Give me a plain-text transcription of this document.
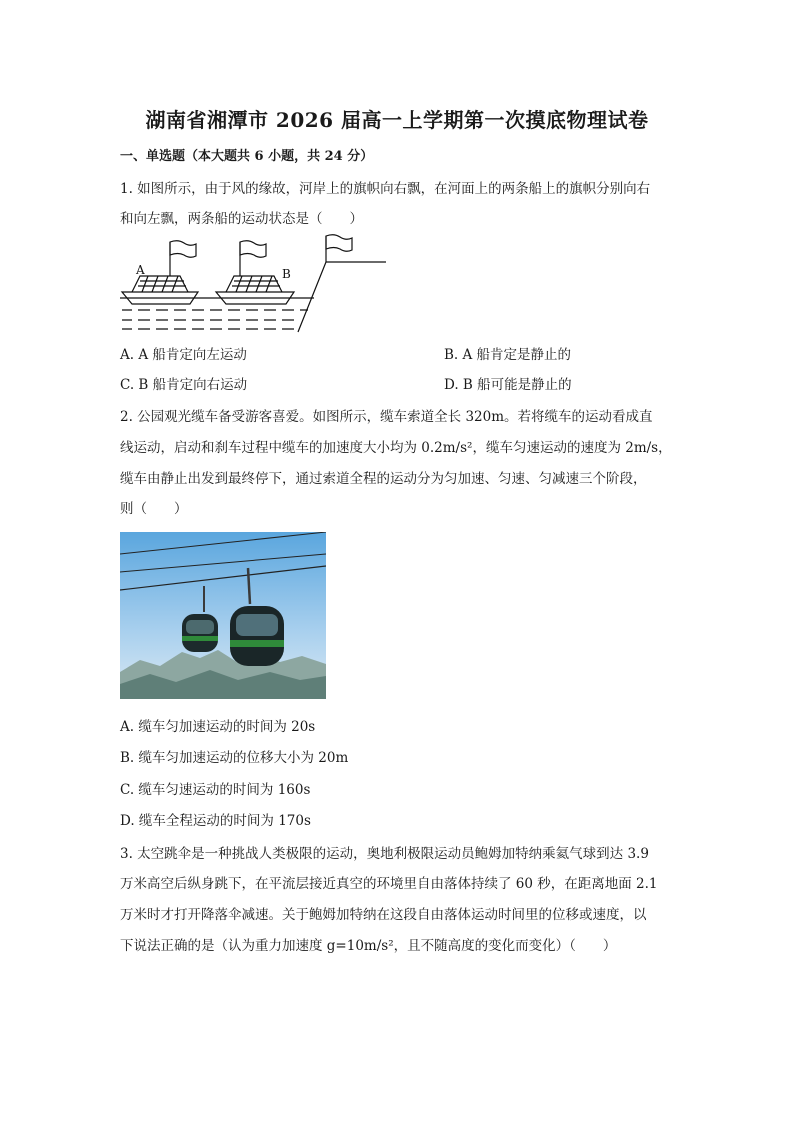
湖南省湘潭市 2026 届高一上学期第一次摸底物理试卷
一、单选题（本大题共 6 小题，共 24 分）
1. 如图所示，由于风的缘故，河岸上的旗帜向右飘，在河面上的两条船上的旗帜分别向右
和向左飘，两条船的运动状态是（　　）
A	B
A. A 船肯定向左运动	B. A 船肯定是静止的
C. B 船肯定向右运动	D. B 船可能是静止的
2. 公园观光缆车备受游客喜爱。如图所示，缆车索道全长 320m。若将缆车的运动看成直
线运动，启动和刹车过程中缆车的加速度大小均为 0.2m/s²，缆车匀速运动的速度为 2m/s，
缆车由静止出发到最终停下，通过索道全程的运动分为匀加速、匀速、匀减速三个阶段，
则（　　）
A. 缆车匀加速运动的时间为 20s
B. 缆车匀加速运动的位移大小为 20m
C. 缆车匀速运动的时间为 160s
D. 缆车全程运动的时间为 170s
3. 太空跳伞是一种挑战人类极限的运动，奥地利极限运动员鲍姆加特纳乘氦气球到达 3.9
万米高空后纵身跳下，在平流层接近真空的环境里自由落体持续了 60 秒，在距离地面 2.1
万米时才打开降落伞减速。关于鲍姆加特纳在这段自由落体运动时间里的位移或速度，以
下说法正确的是（认为重力加速度 g=10m/s²，且不随高度的变化而变化）（　　）
